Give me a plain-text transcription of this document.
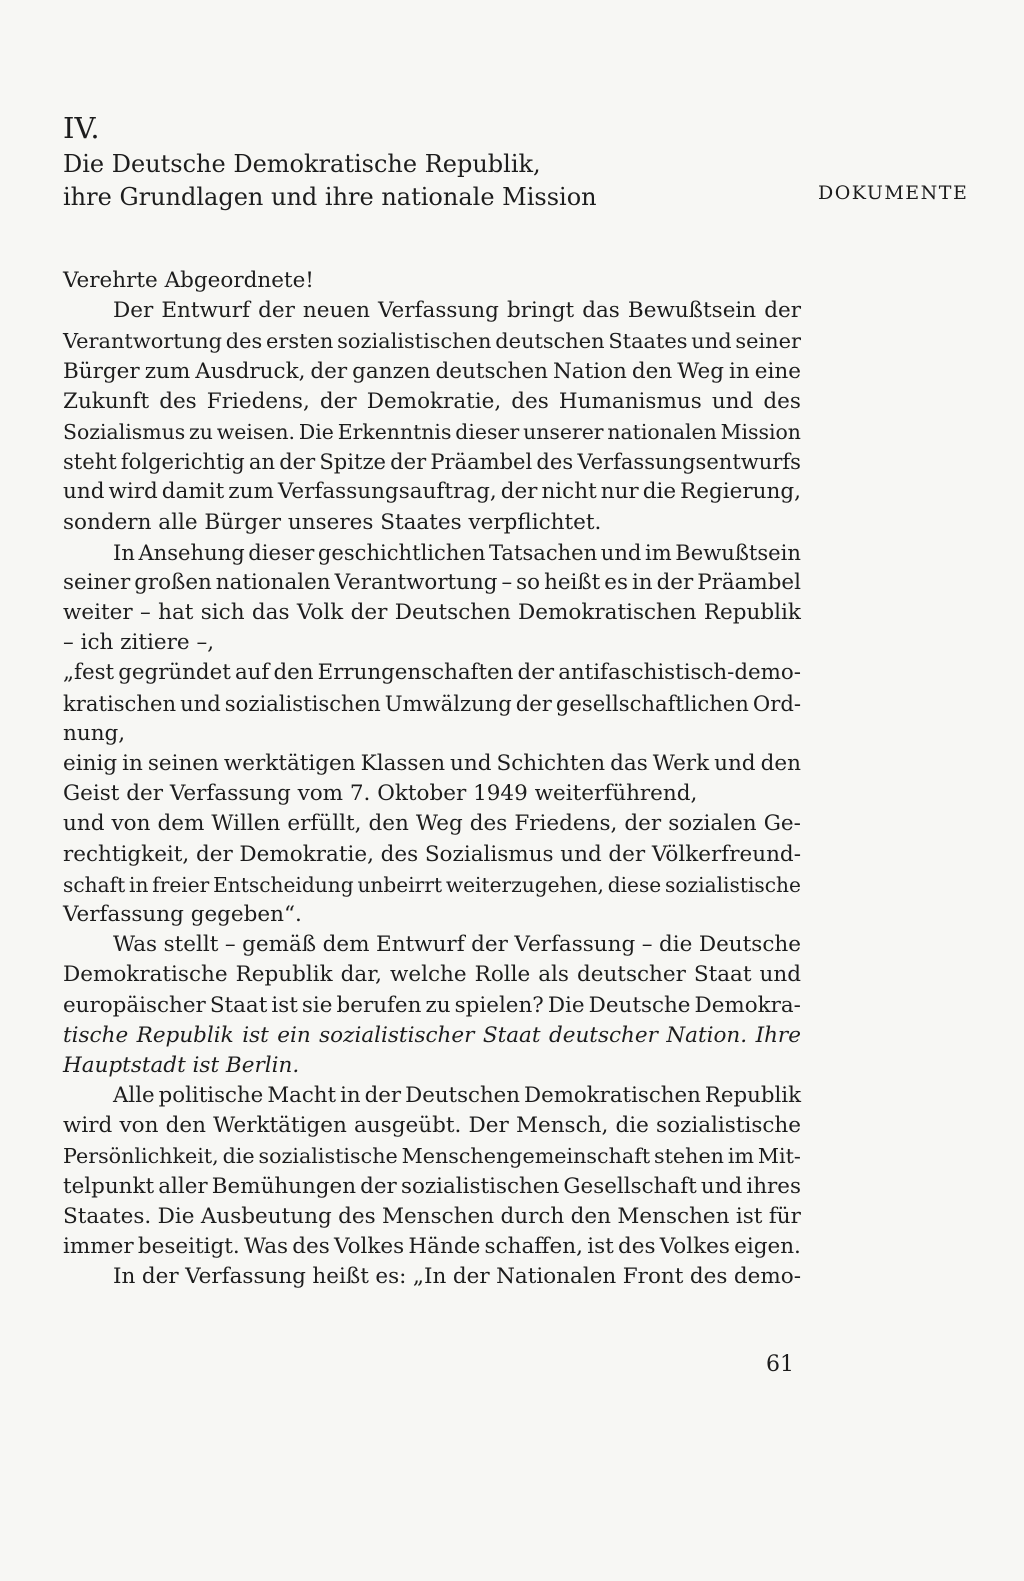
IV.
Die Deutsche Demokratische Republik,
ihre Grundlagen und ihre nationale Mission	DOKUMENTE
Verehrte Abgeordnete!
Der Entwurf der neuen Verfassung bringt das Bewußtsein der
Verantwortung des ersten sozialistischen deutschen Staates und seiner
Bürger zum Ausdruck, der ganzen deutschen Nation den Weg in eine
Zukunft des Friedens, der Demokratie, des Humanismus und des
Sozialismus zu weisen. Die Erkenntnis dieser unserer nationalen Mission
steht folgerichtig an der Spitze der Präambel des Verfassungsentwurfs
und wird damit zum Verfassungsauftrag, der nicht nur die Regierung,
sondern alle Bürger unseres Staates verpflichtet.
In Ansehung dieser geschichtlichen Tatsachen und im Bewußtsein
seiner großen nationalen Verantwortung – so heißt es in der Präambel
weiter – hat sich das Volk der Deutschen Demokratischen Republik
– ich zitiere –,
„fest gegründet auf den Errungenschaften der antifaschistisch-demo-
kratischen und sozialistischen Umwälzung der gesellschaftlichen Ord-
nung,
einig in seinen werktätigen Klassen und Schichten das Werk und den
Geist der Verfassung vom 7. Oktober 1949 weiterführend,
und von dem Willen erfüllt, den Weg des Friedens, der sozialen Ge-
rechtigkeit, der Demokratie, des Sozialismus und der Völkerfreund-
schaft in freier Entscheidung unbeirrt weiterzugehen, diese sozialistische
Verfassung gegeben“.
Was stellt – gemäß dem Entwurf der Verfassung – die Deutsche
Demokratische Republik dar, welche Rolle als deutscher Staat und
europäischer Staat ist sie berufen zu spielen? Die Deutsche Demokra-
tische Republik ist ein sozialistischer Staat deutscher Nation. Ihre
Hauptstadt ist Berlin.
Alle politische Macht in der Deutschen Demokratischen Republik
wird von den Werktätigen ausgeübt. Der Mensch, die sozialistische
Persönlichkeit, die sozialistische Menschengemeinschaft stehen im Mit-
telpunkt aller Bemühungen der sozialistischen Gesellschaft und ihres
Staates. Die Ausbeutung des Menschen durch den Menschen ist für
immer beseitigt. Was des Volkes Hände schaffen, ist des Volkes eigen.
In der Verfassung heißt es: „In der Nationalen Front des demo-
61
